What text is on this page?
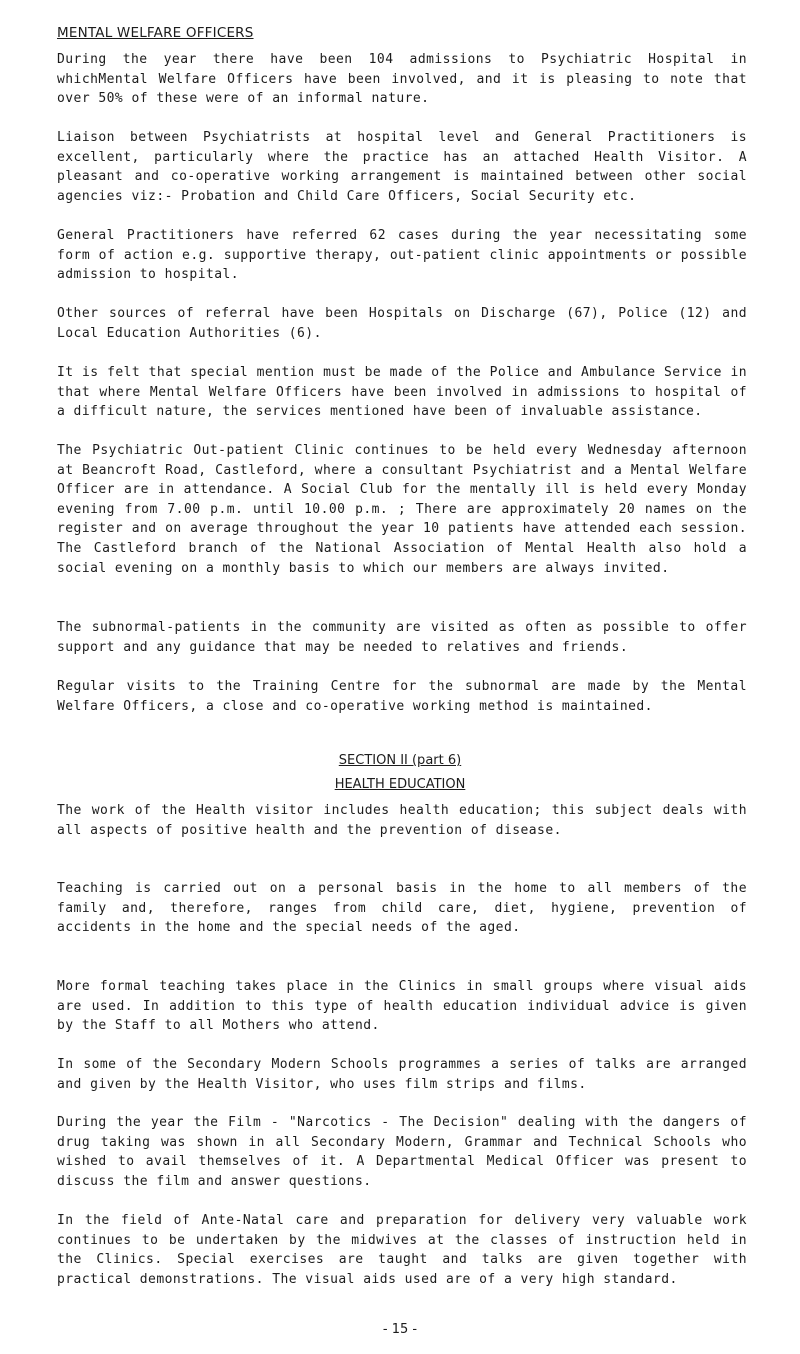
MENTAL WELFARE OFFICERS

During the year there have been 104 admissions to Psychiatric Hospital in whichMental Welfare Officers have been involved, and it is pleasing to note that over 50% of these were of an informal nature.

Liaison between Psychiatrists at hospital level and General Practitioners is excellent, particularly where the practice has an attached Health Visitor. A pleasant and co-operative working arrangement is maintained between other social agencies viz:- Probation and Child Care Officers, Social Security etc.

General Practitioners have referred 62 cases during the year necessitating some form of action e.g. supportive therapy, out-patient clinic appointments or possible admission to hospital.

Other sources of referral have been Hospitals on Discharge (67), Police (12) and Local Education Authorities (6).

It is felt that special mention must be made of the Police and Ambulance Service in that where Mental Welfare Officers have been involved in admissions to hospital of a difficult nature, the services mentioned have been of invaluable assistance.

The Psychiatric Out-patient Clinic continues to be held every Wednesday afternoon at Beancroft Road, Castleford, where a consultant Psychiatrist and a Mental Welfare Officer are in attendance. A Social Club for the mentally ill is held every Monday evening from 7.00 p.m. until 10.00 p.m. ; There are approximately 20 names on the register and on average throughout the year 10 patients have attended each session. The Castleford branch of the National Association of Mental Health also hold a social evening on a monthly basis to which our members are always invited.

The subnormal-patients in the community are visited as often as possible to offer support and any guidance that may be needed to relatives and friends.

Regular visits to the Training Centre for the subnormal are made by the Mental Welfare Officers, a close and co-operative working method is maintained.

SECTION II (part 6)
HEALTH EDUCATION

The work of the Health visitor includes health education; this subject deals with all aspects of positive health and the prevention of disease.

Teaching is carried out on a personal basis in the home to all members of the family and, therefore, ranges from child care, diet, hygiene, prevention of accidents in the home and the special needs of the aged.

More formal teaching takes place in the Clinics in small groups where visual aids are used. In addition to this type of health education individual advice is given by the Staff to all Mothers who attend.

In some of the Secondary Modern Schools programmes a series of talks are arranged and given by the Health Visitor, who uses film strips and films.

During the year the Film - "Narcotics - The Decision" dealing with the dangers of drug taking was shown in all Secondary Modern, Grammar and Technical Schools who wished to avail themselves of it. A Departmental Medical Officer was present to discuss the film and answer questions.

In the field of Ante-Natal care and preparation for delivery very valuable work continues to be undertaken by the midwives at the classes of instruction held in the Clinics. Special exercises are taught and talks are given together with practical demonstrations. The visual aids used are of a very high standard.

- 15 -
